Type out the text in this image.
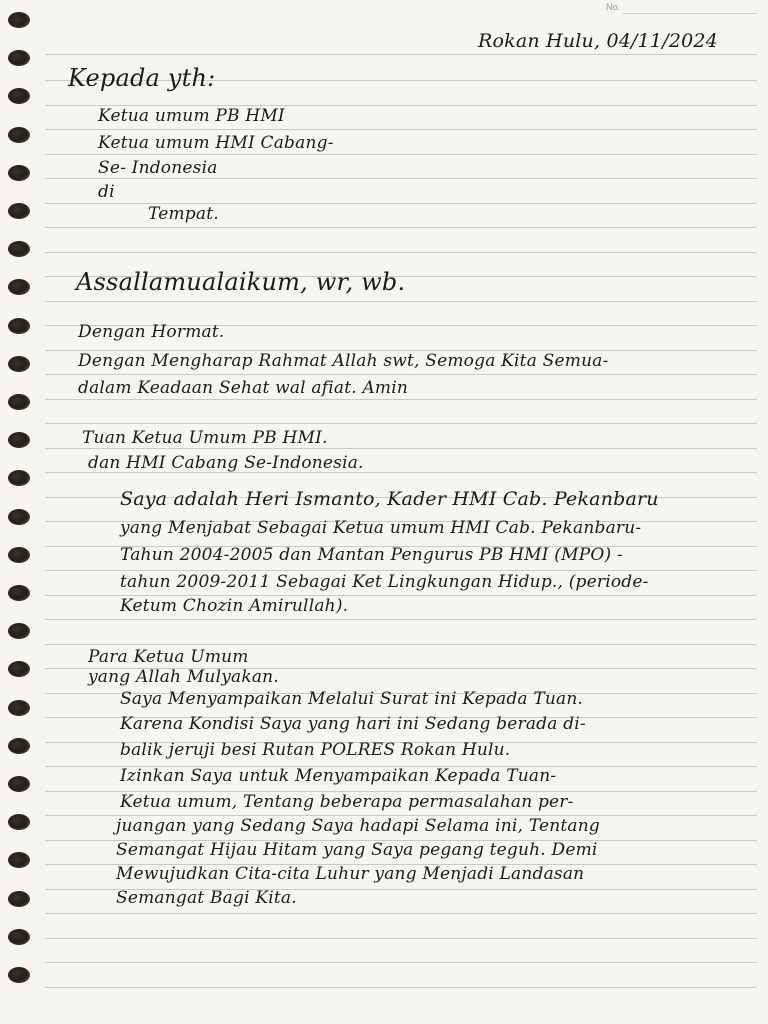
No.
Rokan Hulu, 04/11/2024
Kepada yth:
Ketua umum PB HMI
Ketua umum HMI Cabang-
Se- Indonesia
di
Tempat.
Assallamualaikum, wr, wb.
Dengan Hormat.
Dengan Mengharap Rahmat Allah swt, Semoga Kita Semua-
dalam Keadaan Sehat wal afiat. Amin
Tuan Ketua Umum PB HMI.
dan HMI Cabang Se-Indonesia.
Saya adalah Heri Ismanto, Kader HMI Cab. Pekanbaru
yang Menjabat Sebagai Ketua umum HMI Cab. Pekanbaru-
Tahun 2004-2005 dan Mantan Pengurus PB HMI (MPO) -
tahun 2009-2011 Sebagai Ket Lingkungan Hidup., (periode-
Ketum Chozin Amirullah).
Para Ketua Umum
yang Allah Mulyakan.
Saya Menyampaikan Melalui Surat ini Kepada Tuan.
Karena Kondisi Saya yang hari ini Sedang berada di-
balik jeruji besi Rutan POLRES Rokan Hulu.
Izinkan Saya untuk Menyampaikan Kepada Tuan-
Ketua umum, Tentang beberapa permasalahan per-
juangan yang Sedang Saya hadapi Selama ini, Tentang
Semangat Hijau Hitam yang Saya pegang teguh. Demi
Mewujudkan Cita-cita Luhur yang Menjadi Landasan
Semangat Bagi Kita.
